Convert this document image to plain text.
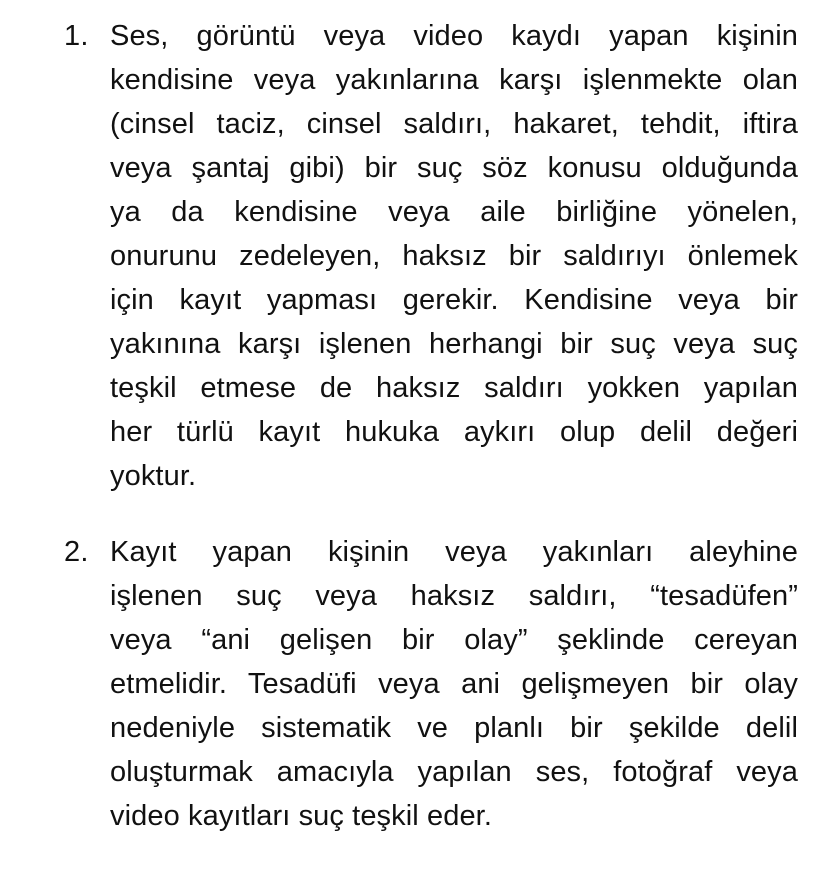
1. Ses, görüntü veya video kaydı yapan kişinin
kendisine veya yakınlarına karşı işlenmekte olan
(cinsel taciz, cinsel saldırı, hakaret, tehdit, iftira
veya şantaj gibi) bir suç söz konusu olduğunda
ya da kendisine veya aile birliğine yönelen,
onurunu zedeleyen, haksız bir saldırıyı önlemek
için kayıt yapması gerekir. Kendisine veya bir
yakınına karşı işlenen herhangi bir suç veya suç
teşkil etmese de haksız saldırı yokken yapılan
her türlü kayıt hukuka aykırı olup delil değeri
yoktur.
2. Kayıt yapan kişinin veya yakınları aleyhine
işlenen suç veya haksız saldırı, “tesadüfen”
veya “ani gelişen bir olay” şeklinde cereyan
etmelidir. Tesadüfi veya ani gelişmeyen bir olay
nedeniyle sistematik ve planlı bir şekilde delil
oluşturmak amacıyla yapılan ses, fotoğraf veya
video kayıtları suç teşkil eder.
